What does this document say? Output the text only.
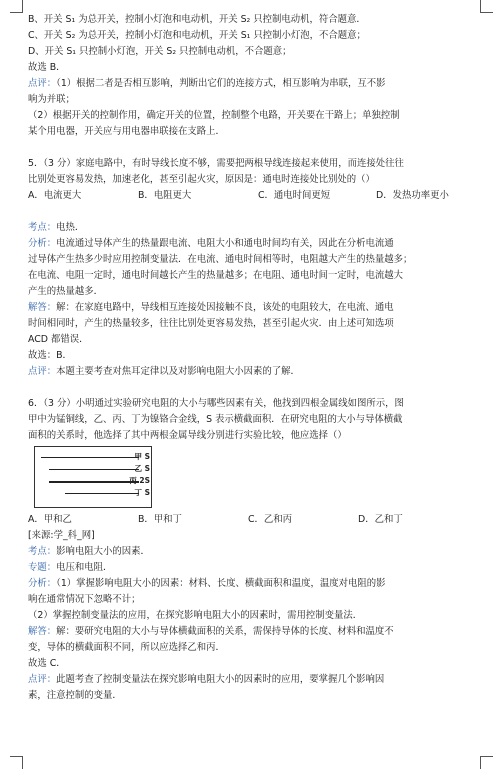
B、开关 S₁ 为总开关，控制小灯泡和电动机，开关 S₂ 只控制电动机，符合题意．
C、开关 S₂ 为总开关，控制小灯泡和电动机，开关 S₁ 只控制小灯泡，不合题意；
D、开关 S₁ 只控制小灯泡，开关 S₂ 只控制电动机，不合题意；
故选 B．
点评：（1）根据二者是否相互影响，判断出它们的连接方式，相互影响为串联，互不影
响为并联；
（2）根据开关的控制作用，确定开关的位置，控制整个电路，开关要在干路上；单独控制
某个用电器，开关应与用电器串联接在支路上．
5．（3 分）家庭电路中，有时导线长度不够，需要把两根导线连接起来使用，而连接处往往
比别处更容易发热，加速老化，甚至引起火灾，原因是：通电时连接处比别处的（）
A．电流更大	B．电阻更大	C．通电时间更短	D．发热功率更小
考点：电热．
分析：电流通过导体产生的热量跟电流、电阻大小和通电时间均有关，因此在分析电流通
过导体产生热多少时应用控制变量法．在电流、通电时间相等时，电阻越大产生的热量越多；
在电流、电阻一定时，通电时间越长产生的热量越多；在电阻、通电时间一定时，电流越大
产生的热量越多．
解答：解：在家庭电路中，导线相互连接处因接触不良，该处的电阻较大，在电流、通电
时间相同时，产生的热量较多，往往比别处更容易发热，甚至引起火灾．由上述可知选项
ACD 都错误．
故选：B．
点评：本题主要考查对焦耳定律以及对影响电阻大小因素的了解．
6．（3 分）小明通过实验研究电阻的大小与哪些因素有关，他找到四根金属线如图所示，图
甲中为锰铜线，乙、丙、丁为镍铬合金线，S 表示横截面积．在研究电阻的大小与导体横截
面积的关系时，他选择了其中两根金属导线分别进行实验比较，他应选择（）
甲 S
乙 S
丙 2S
丁 S
A．甲和乙	B．甲和丁	C．乙和丙	D．乙和丁
[来源:学_科_网]
考点：影响电阻大小的因素．
专题：电压和电阻．
分析：（1）掌握影响电阻大小的因素：材料、长度、横截面积和温度，温度对电阻的影
响在通常情况下忽略不计；
（2）掌握控制变量法的应用，在探究影响电阻大小的因素时，需用控制变量法．
解答：解：要研究电阻的大小与导体横截面积的关系，需保持导体的长度、材料和温度不
变，导体的横截面积不同，所以应选择乙和丙．
故选 C．
点评：此题考查了控制变量法在探究影响电阻大小的因素时的应用，要掌握几个影响因
素，注意控制的变量．
